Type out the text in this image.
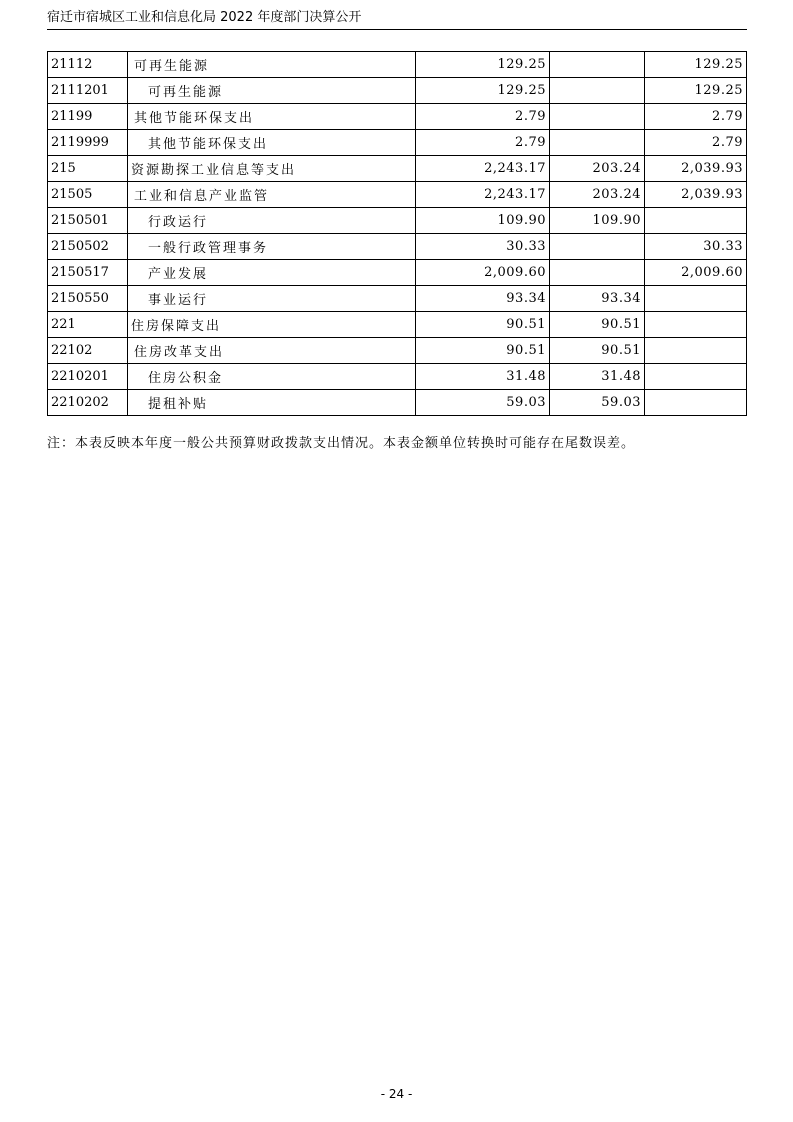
宿迁市宿城区工业和信息化局 2022 年度部门决算公开
21112	可再生能源	129.25		129.25
2111201	可再生能源	129.25		129.25
21199	其他节能环保支出	2.79		2.79
2119999	其他节能环保支出	2.79		2.79
215	资源勘探工业信息等支出	2,243.17	203.24	2,039.93
21505	工业和信息产业监管	2,243.17	203.24	2,039.93
2150501	行政运行	109.90	109.90	
2150502	一般行政管理事务	30.33		30.33
2150517	产业发展	2,009.60		2,009.60
2150550	事业运行	93.34	93.34	
221	住房保障支出	90.51	90.51	
22102	住房改革支出	90.51	90.51	
2210201	住房公积金	31.48	31.48	
2210202	提租补贴	59.03	59.03	
注：本表反映本年度一般公共预算财政拨款支出情况。本表金额单位转换时可能存在尾数误差。
- 24 -
